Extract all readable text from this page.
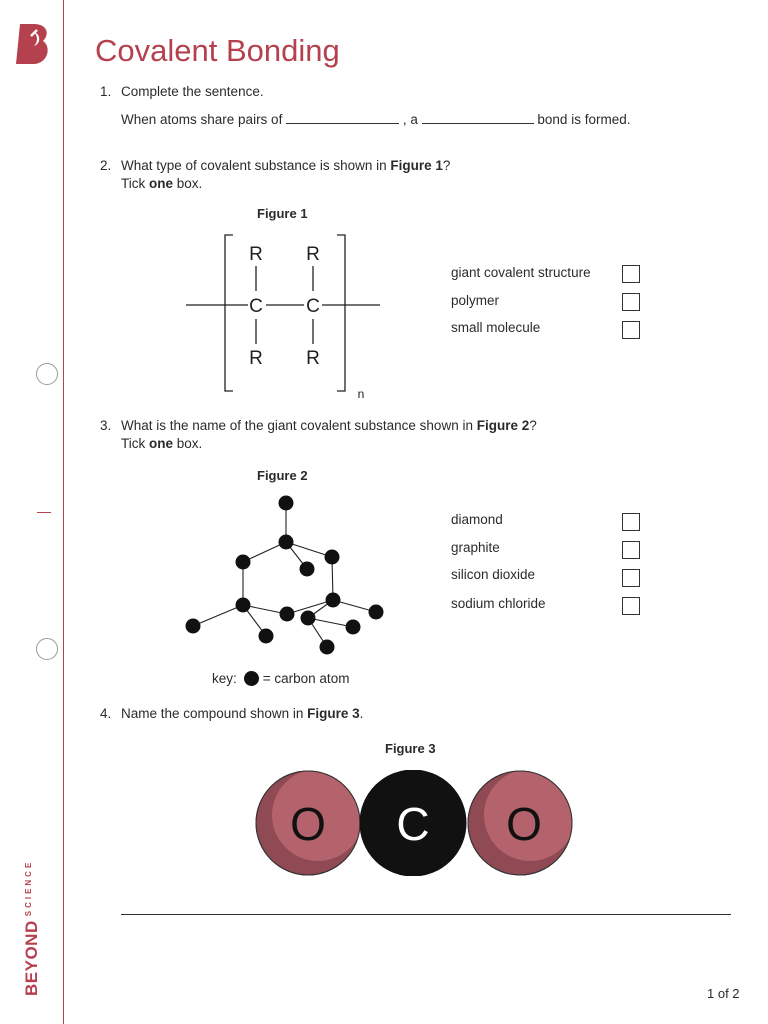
$BEYOND^{SCIENCE}$
Covalent Bonding
1. Complete the sentence.
When atoms share pairs of	, a	bond is formed.
2. What type of covalent substance is shown in Figure 1?
Tick one box.
Figure 1
R R
C C
R R
n
giant covalent structure
polymer
small molecule
3. What is the name of the giant covalent substance shown in Figure 2?
Tick one box.
Figure 2
key: = carbon atom
diamond
graphite
silicon dioxide
sodium chloride
4. Name the compound shown in Figure 3.
Figure 3
O C O
1 of 2
